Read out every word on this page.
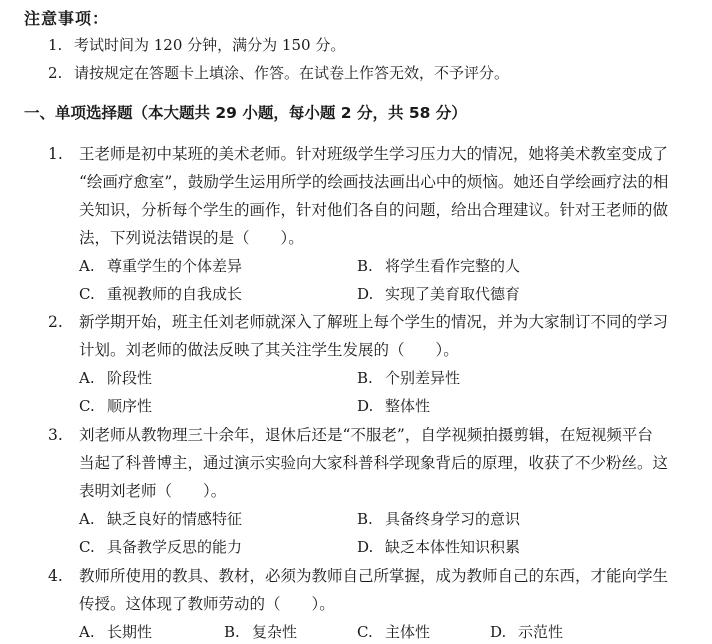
注意事项：
1. 考试时间为 120 分钟，满分为 150 分。
2. 请按规定在答题卡上填涂、作答。在试卷上作答无效，不予评分。
一、单项选择题（本大题共 29 小题，每小题 2 分，共 58 分）
1. 王老师是初中某班的美术老师。针对班级学生学习压力大的情况，她将美术教室变成了
“绘画疗愈室”，鼓励学生运用所学的绘画技法画出心中的烦恼。她还自学绘画疗法的相
关知识，分析每个学生的画作，针对他们各自的问题，给出合理建议。针对王老师的做
法，下列说法错误的是（　　）。
A. 尊重学生的个体差异	B. 将学生看作完整的人
C. 重视教师的自我成长	D. 实现了美育取代德育
2. 新学期开始，班主任刘老师就深入了解班上每个学生的情况，并为大家制订不同的学习
计划。刘老师的做法反映了其关注学生发展的（　　）。
A. 阶段性	B. 个别差异性
C. 顺序性	D. 整体性
3. 刘老师从教物理三十余年，退休后还是“不服老”，自学视频拍摄剪辑，在短视频平台
当起了科普博主，通过演示实验向大家科普科学现象背后的原理，收获了不少粉丝。这
表明刘老师（　　）。
A. 缺乏良好的情感特征	B. 具备终身学习的意识
C. 具备教学反思的能力	D. 缺乏本体性知识积累
4. 教师所使用的教具、教材，必须为教师自己所掌握，成为教师自己的东西，才能向学生
传授。这体现了教师劳动的（　　）。
A. 长期性	B. 复杂性	C. 主体性	D. 示范性
